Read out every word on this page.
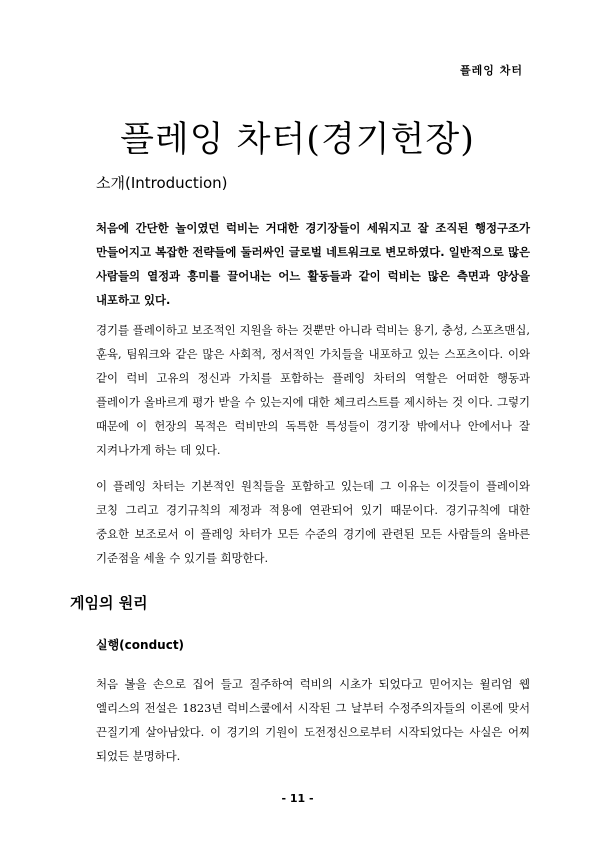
플레잉 차터
플레잉 차터(경기헌장)
소개(Introduction)

처음에 간단한 놀이였던 럭비는 거대한 경기장들이 세워지고 잘 조직된 행정구조가 만들어지고 복잡한 전략들에 둘러싸인 글로벌 네트워크로 변모하였다. 일반적으로 많은 사람들의 열정과 흥미를 끌어내는 어느 활동들과 같이 럭비는 많은 측면과 양상을 내포하고 있다.

경기를 플레이하고 보조적인 지원을 하는 것뿐만 아니라 럭비는 용기, 충성, 스포츠맨십, 훈육, 팀워크와 같은 많은 사회적, 정서적인 가치들을 내포하고 있는 스포츠이다. 이와 같이 럭비 고유의 정신과 가치를 포함하는 플레잉 차터의 역할은 어떠한 행동과 플레이가 올바르게 평가 받을 수 있는지에 대한 체크리스트를 제시하는 것 이다. 그렇기 때문에 이 헌장의 목적은 럭비만의 독특한 특성들이 경기장 밖에서나 안에서나 잘 지켜나가게 하는 데 있다.

이 플레잉 차터는 기본적인 원칙들을 포함하고 있는데 그 이유는 이것들이 플레이와 코칭 그리고 경기규칙의 제정과 적용에 연관되어 있기 때문이다. 경기규칙에 대한 중요한 보조로서 이 플레잉 차터가 모든 수준의 경기에 관련된 모든 사람들의 올바른 기준점을 세울 수 있기를 희망한다.

게임의 원리
실행(conduct)

처음 볼을 손으로 집어 들고 질주하여 럭비의 시초가 되었다고 믿어지는 윌리엄 웹 엘리스의 전설은 1823년 럭비스쿨에서 시작된 그 날부터 수정주의자들의 이론에 맞서 끈질기게 살아남았다. 이 경기의 기원이 도전정신으로부터 시작되었다는 사실은 어찌 되었든 분명하다.

- 11 -
